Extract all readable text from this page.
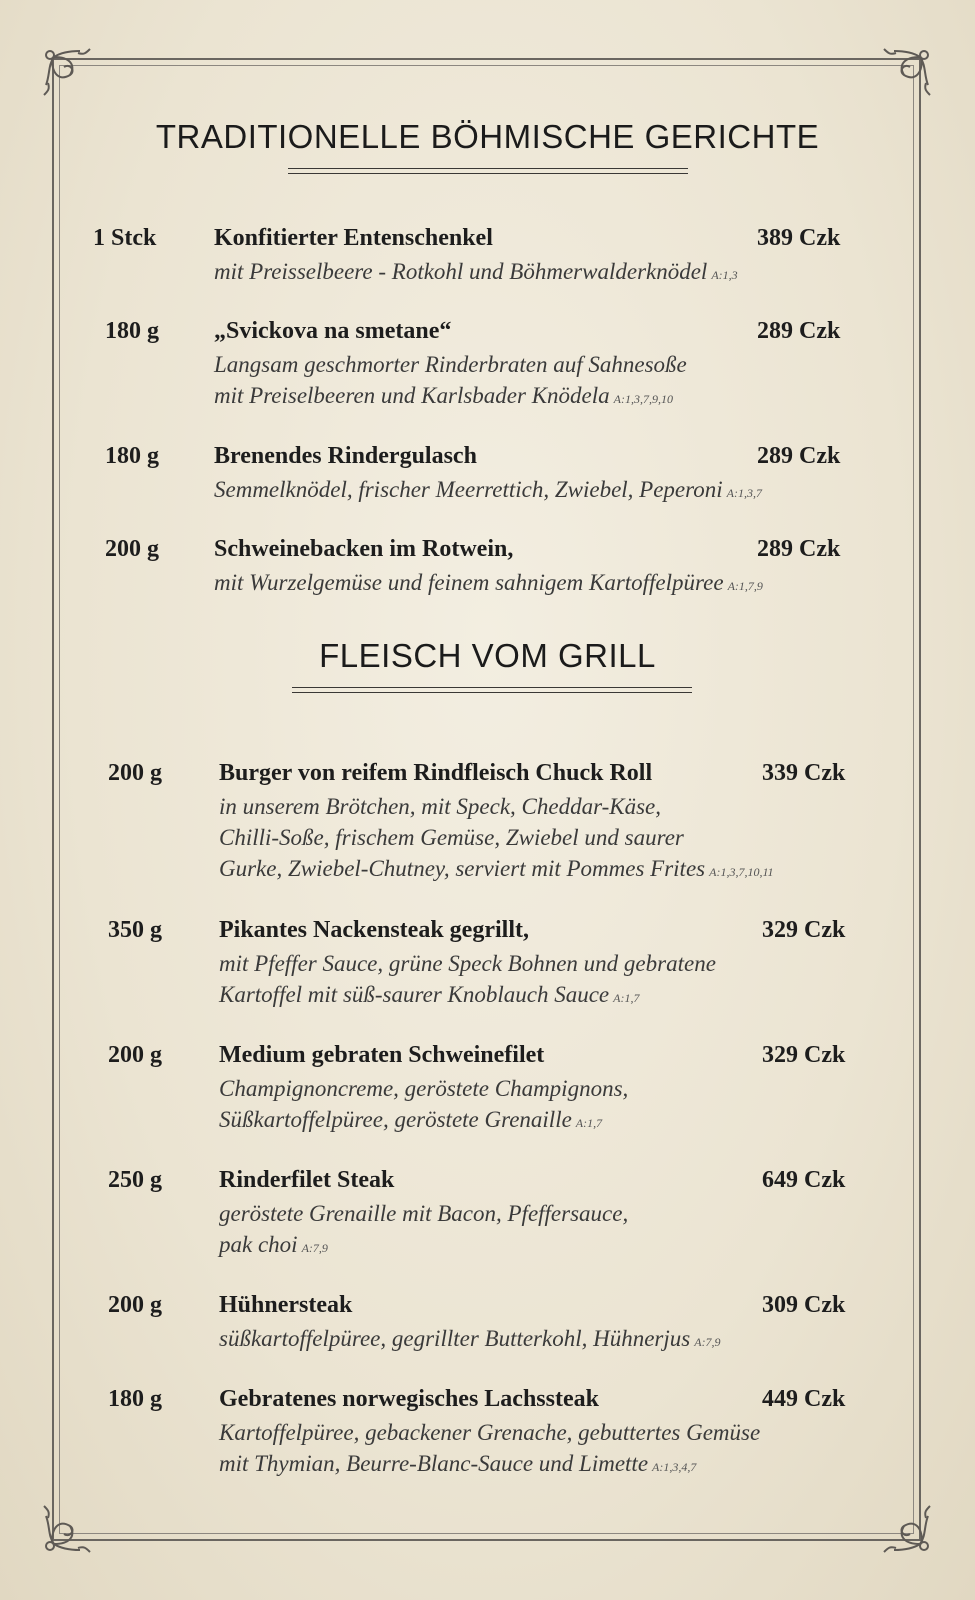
TRADITIONELLE BÖHMISCHE GERICHTE
1 Stck Konfitierter Entenschenkel	389 Czk
mit Preisselbeere - Rotkohl und Böhmerwalderknödel A:1,3
180 g „Svickova na smetane“	289 Czk
Langsam geschmorter Rinderbraten auf Sahnesoße
mit Preiselbeeren und Karlsbader Knödela A:1,3,7,9,10
180 g Brenendes Rindergulasch	289 Czk
Semmelknödel, frischer Meerrettich, Zwiebel, Peperoni A:1,3,7
200 g Schweinebacken im Rotwein,	289 Czk
mit Wurzelgemüse und feinem sahnigem Kartoffelpüree A:1,7,9
FLEISCH VOM GRILL
200 g Burger von reifem Rindfleisch Chuck Roll	339 Czk
in unserem Brötchen, mit Speck, Cheddar-Käse,
Chilli-Soße, frischem Gemüse, Zwiebel und saurer
Gurke, Zwiebel-Chutney, serviert mit Pommes Frites A:1,3,7,10,11
350 g Pikantes Nackensteak gegrillt,	329 Czk
mit Pfeffer Sauce, grüne Speck Bohnen und gebratene
Kartoffel mit süß-saurer Knoblauch Sauce A:1,7
200 g Medium gebraten Schweinefilet	329 Czk
Champignoncreme, geröstete Champignons,
Süßkartoffelpüree, geröstete Grenaille A:1,7
250 g Rinderfilet Steak	649 Czk
geröstete Grenaille mit Bacon, Pfeffersauce,
pak choi A:7,9
200 g Hühnersteak	309 Czk
süßkartoffelpüree, gegrillter Butterkohl, Hühnerjus A:7,9
180 g Gebratenes norwegisches Lachssteak	449 Czk
Kartoffelpüree, gebackener Grenache, gebuttertes Gemüse
mit Thymian, Beurre-Blanc-Sauce und Limette A:1,3,4,7
